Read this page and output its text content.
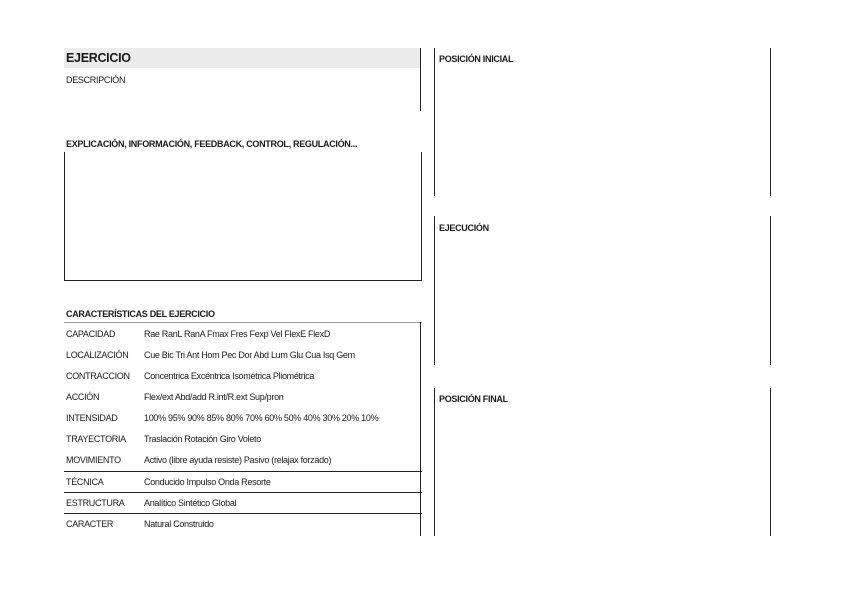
EJERCICIO
DESCRIPCIÓN
EXPLICACIÓN, INFORMACIÓN, FEEDBACK, CONTROL, REGULACIÓN...
CARACTERÍSTICAS DEL EJERCICIO
CAPACIDAD	Rae RanL RanA Fmax Fres Fexp Vel FlexE FlexD
LOCALIZACIÓN Cue Bic Tri Ant Hom Pec Dor Abd Lum Glu Cua Isq Gem
CONTRACCION Concentrica Excéntrica Isométrica Pliométrica
ACCIÓN	Flex/ext Abd/add R.int/R.ext Sup/pron
INTENSIDAD	100% 95% 90% 85% 80% 70% 60% 50% 40% 30% 20% 10%
TRAYECTORIA Traslación Rotación Giro Voleto
MOVIMIENTO	Activo (libre ayuda resiste) Pasivo (relajax forzado)
TÉCNICA	Conducido Impulso Onda Resorte
ESTRUCTURA Analítico Sintético Global
CARACTER	Natural Construido
POSICIÓN INICIAL
EJECUCIÓN
POSICIÓN FINAL
